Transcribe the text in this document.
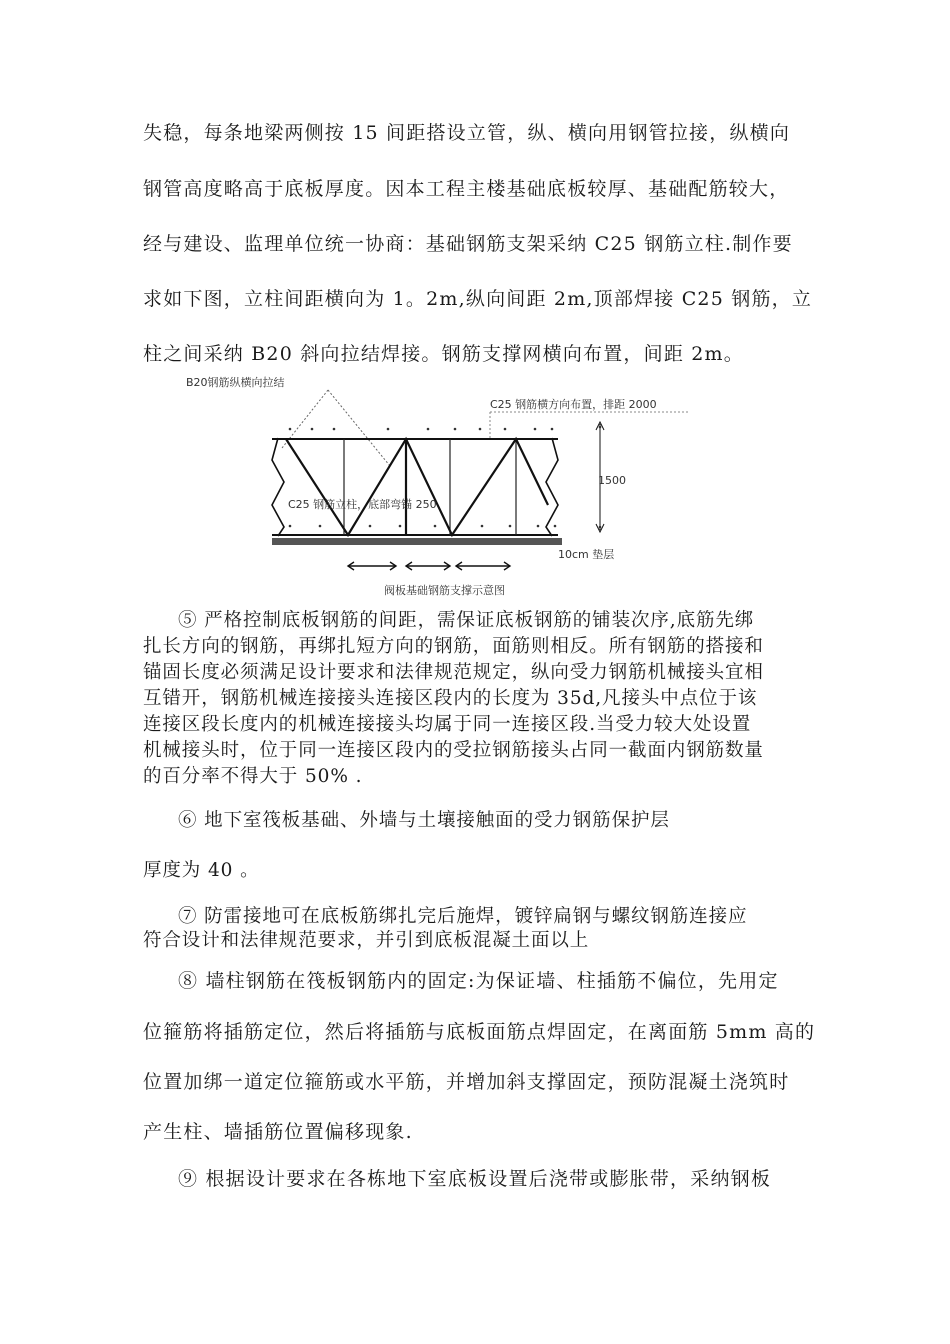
失稳，每条地梁两侧按 15 间距搭设立管，纵、横向用钢管拉接，纵横向
钢管高度略高于底板厚度。因本工程主楼基础底板较厚、基础配筋较大，
经与建设、监理单位统一协商：基础钢筋支架采纳 C25 钢筋立柱.制作要
求如下图，立柱间距横向为 1。2m,纵向间距 2m,顶部焊接 C25 钢筋，立
柱之间采纳 B20 斜向拉结焊接。钢筋支撑网横向布置，间距 2m。
B20钢筋纵横向拉结
C25 钢筋横方向布置，排距 2000
C25 钢筋立柱，底部弯锚 250
1500
10cm 垫层
阀板基础钢筋支撑示意图
⑤ 严格控制底板钢筋的间距，需保证底板钢筋的铺装次序,底筋先绑
扎长方向的钢筋，再绑扎短方向的钢筋，面筋则相反。所有钢筋的搭接和
锚固长度必须满足设计要求和法律规范规定，纵向受力钢筋机械接头宜相
互错开，钢筋机械连接接头连接区段内的长度为 35d,凡接头中点位于该
连接区段长度内的机械连接接头均属于同一连接区段.当受力较大处设置
机械接头时，位于同一连接区段内的受拉钢筋接头占同一截面内钢筋数量
的百分率不得大于 50% .
⑥ 地下室筏板基础、外墙与土壤接触面的受力钢筋保护层
厚度为 40 。
⑦ 防雷接地可在底板筋绑扎完后施焊，镀锌扁钢与螺纹钢筋连接应
符合设计和法律规范要求，并引到底板混凝土面以上
⑧ 墙柱钢筋在筏板钢筋内的固定:为保证墙、柱插筋不偏位，先用定
位箍筋将插筋定位，然后将插筋与底板面筋点焊固定，在离面筋 5mm 高的
位置加绑一道定位箍筋或水平筋，并增加斜支撑固定，预防混凝土浇筑时
产生柱、墙插筋位置偏移现象.
⑨ 根据设计要求在各栋地下室底板设置后浇带或膨胀带，采纳钢板
